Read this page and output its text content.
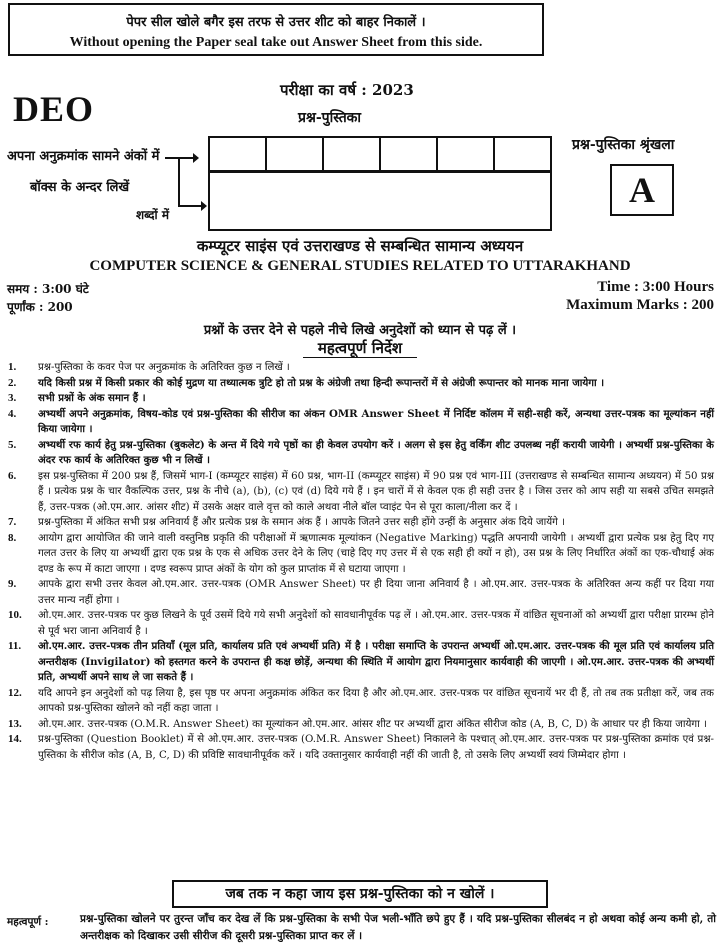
पेपर सील खोले बगैर इस तरफ से उत्तर शीट को बाहर निकालें ।
Without opening the Paper seal take out Answer Sheet from this side.
परीक्षा का वर्ष : 2023
प्रश्न-पुस्तिका
DEO
अपना अनुक्रमांक सामने अंकों में
बॉक्स के अन्दर लिखें
शब्दों में
प्रश्न-पुस्तिका श्रृंखला
A
कम्प्यूटर साइंस एवं उत्तराखण्ड से सम्बन्धित सामान्य अध्ययन
COMPUTER SCIENCE & GENERAL STUDIES RELATED TO UTTARAKHAND
समय : 3:00 घंटे
पूर्णांक : 200
Time : 3:00 Hours
Maximum Marks : 200
प्रश्नों के उत्तर देने से पहले नीचे लिखे अनुदेशों को ध्यान से पढ़ लें ।
महत्वपूर्ण निर्देश
1.	प्रश्न-पुस्तिका के कवर पेज पर अनुक्रमांक के अतिरिक्त कुछ न लिखें ।
2.	यदि किसी प्रश्न में किसी प्रकार की कोई मुद्रण या तथ्यात्मक त्रुटि हो तो प्रश्न के अंग्रेजी तथा हिन्दी रूपान्तरों में से अंग्रेजी रूपान्तर को मानक माना जायेगा ।
3.	सभी प्रश्नों के अंक समान हैं ।
4.	अभ्यर्थी अपने अनुक्रमांक, विषय-कोड एवं प्रश्न-पुस्तिका की सीरीज का अंकन OMR Answer Sheet में निर्दिष्ट कॉलम में सही-सही करें, अन्यथा उत्तर-पत्रक का मूल्यांकन नहीं किया जायेगा ।
5.	अभ्यर्थी रफ कार्य हेतु प्रश्न-पुस्तिका (बुकलेट) के अन्त में दिये गये पृष्ठों का ही केवल उपयोग करें । अलग से इस हेतु वर्किंग शीट उपलब्ध नहीं करायी जायेगी । अभ्यर्थी प्रश्न-पुस्तिका के अंदर रफ कार्य के अतिरिक्त कुछ भी न लिखें ।
6.	इस प्रश्न-पुस्तिका में 200 प्रश्न हैं, जिसमें भाग-I (कम्प्यूटर साइंस) में 60 प्रश्न, भाग-II (कम्प्यूटर साइंस) में 90 प्रश्न एवं भाग-III (उत्तराखण्ड से सम्बन्धित सामान्य अध्ययन) में 50 प्रश्न हैं । प्रत्येक प्रश्न के चार वैकल्पिक उत्तर, प्रश्न के नीचे (a), (b), (c) एवं (d) दिये गये हैं । इन चारों में से केवल एक ही सही उत्तर है । जिस उत्तर को आप सही या सबसे उचित समझते हैं, उत्तर-पत्रक (ओ.एम.आर. आंसर शीट) में उसके अक्षर वाले वृत्त को काले अथवा नीले बॉल प्वाइंट पेन से पूरा काला/नीला कर दें ।
7.	प्रश्न-पुस्तिका में अंकित सभी प्रश्न अनिवार्य हैं और प्रत्येक प्रश्न के समान अंक हैं । आपके जितने उत्तर सही होंगे उन्हीं के अनुसार अंक दिये जायेंगे ।
8.	आयोग द्वारा आयोजित की जाने वाली वस्तुनिष्ठ प्रकृति की परीक्षाओं में ऋणात्मक मूल्यांकन (Negative Marking) पद्धति अपनायी जायेगी । अभ्यर्थी द्वारा प्रत्येक प्रश्न हेतु दिए गए गलत उत्तर के लिए या अभ्यर्थी द्वारा एक प्रश्न के एक से अधिक उत्तर देने के लिए (चाहे दिए गए उत्तर में से एक सही ही क्यों न हो), उस प्रश्न के लिए निर्धारित अंकों का एक-चौथाई अंक दण्ड के रूप में काटा जाएगा । दण्ड स्वरूप प्राप्त अंकों के योग को कुल प्राप्तांक में से घटाया जाएगा ।
9.	आपके द्वारा सभी उत्तर केवल ओ.एम.आर. उत्तर-पत्रक (OMR Answer Sheet) पर ही दिया जाना अनिवार्य है । ओ.एम.आर. उत्तर-पत्रक के अतिरिक्त अन्य कहीं पर दिया गया उत्तर मान्य नहीं होगा ।
10.	ओ.एम.आर. उत्तर-पत्रक पर कुछ लिखने के पूर्व उसमें दिये गये सभी अनुदेशों को सावधानीपूर्वक पढ़ लें । ओ.एम.आर. उत्तर-पत्रक में वांछित सूचनाओं को अभ्यर्थी द्वारा परीक्षा प्रारम्भ होने से पूर्व भरा जाना अनिवार्य है ।
11.	ओ.एम.आर. उत्तर-पत्रक तीन प्रतियाँ (मूल प्रति, कार्यालय प्रति एवं अभ्यर्थी प्रति) में है । परीक्षा समाप्ति के उपरान्त अभ्यर्थी ओ.एम.आर. उत्तर-पत्रक की मूल प्रति एवं कार्यालय प्रति अन्तरीक्षक (Invigilator) को हस्तगत करने के उपरान्त ही कक्ष छोड़ें, अन्यथा की स्थिति में आयोग द्वारा नियमानुसार कार्यवाही की जाएगी । ओ.एम.आर. उत्तर-पत्रक की अभ्यर्थी प्रति, अभ्यर्थी अपने साथ ले जा सकते हैं ।
12.	यदि आपने इन अनुदेशों को पढ़ लिया है, इस पृष्ठ पर अपना अनुक्रमांक अंकित कर दिया है और ओ.एम.आर. उत्तर-पत्रक पर वांछित सूचनायें भर दी हैं, तो तब तक प्रतीक्षा करें, जब तक आपको प्रश्न-पुस्तिका खोलने को नहीं कहा जाता ।
13.	ओ.एम.आर. उत्तर-पत्रक (O.M.R. Answer Sheet) का मूल्यांकन ओ.एम.आर. आंसर शीट पर अभ्यर्थी द्वारा अंकित सीरीज कोड (A, B, C, D) के आधार पर ही किया जायेगा ।
14.	प्रश्न-पुस्तिका (Question Booklet) में से ओ.एम.आर. उत्तर-पत्रक (O.M.R. Answer Sheet) निकालने के पश्चात् ओ.एम.आर. उत्तर-पत्रक पर प्रश्न-पुस्तिका क्रमांक एवं प्रश्न-पुस्तिका के सीरीज कोड (A, B, C, D) की प्रविष्टि सावधानीपूर्वक करें । यदि उक्तानुसार कार्यवाही नहीं की जाती है, तो उसके लिए अभ्यर्थी स्वयं जिम्मेदार होगा ।
जब तक न कहा जाय इस प्रश्न-पुस्तिका को न खोलें ।
महत्वपूर्ण :	प्रश्न-पुस्तिका खोलने पर तुरन्त जाँच कर देख लें कि प्रश्न-पुस्तिका के सभी पेज भली-भाँति छपे हुए हैं । यदि प्रश्न-पुस्तिका सीलबंद न हो अथवा कोई अन्य कमी हो, तो अन्तरीक्षक को दिखाकर उसी सीरीज की दूसरी प्रश्न-पुस्तिका प्राप्त कर लें ।
